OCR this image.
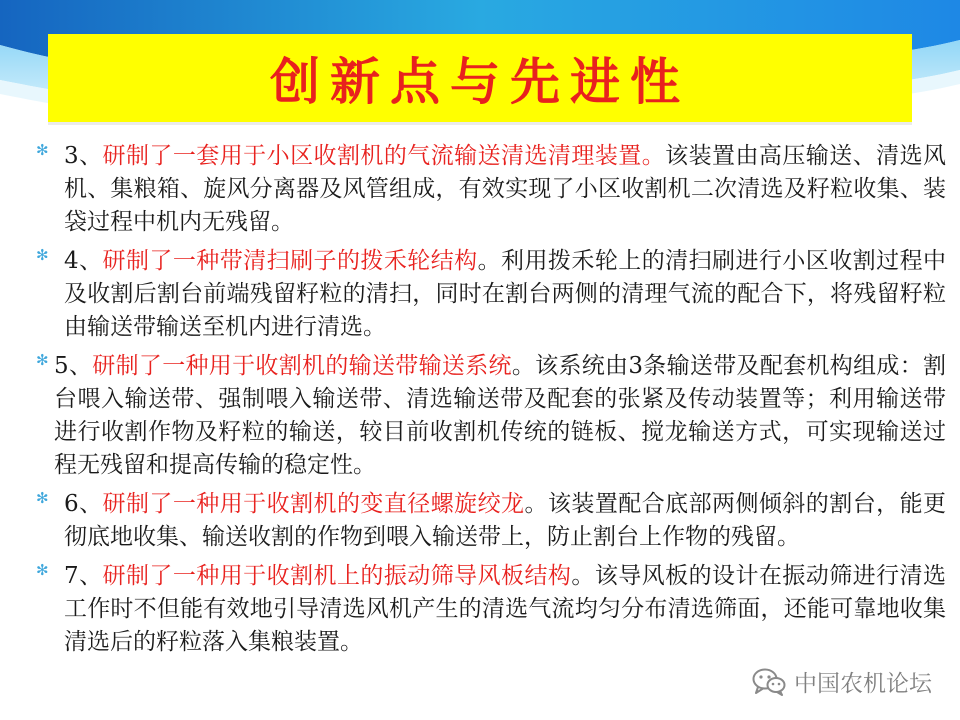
创新点与先进性
✻ 3、研制了一套用于小区收割机的气流输送清选清理装置。该装置由高压输送、清选风机、集粮箱、旋风分离器及风管组成，有效实现了小区收割机二次清选及籽粒收集、装袋过程中机内无残留。

✻ 4、研制了一种带清扫刷子的拨禾轮结构。利用拨禾轮上的清扫刷进行小区收割过程中及收割后割台前端残留籽粒的清扫，同时在割台两侧的清理气流的配合下，将残留籽粒由输送带输送至机内进行清选。

✻ 5、研制了一种用于收割机的输送带输送系统。该系统由3条输送带及配套机构组成：割台喂入输送带、强制喂入输送带、清选输送带及配套的张紧及传动装置等；利用输送带进行收割作物及籽粒的输送，较目前收割机传统的链板、搅龙输送方式，可实现输送过程无残留和提高传输的稳定性。

✻ 6、研制了一种用于收割机的变直径螺旋绞龙。该装置配合底部两侧倾斜的割台，能更彻底地收集、输送收割的作物到喂入输送带上，防止割台上作物的残留。

✻ 7、研制了一种用于收割机上的振动筛导风板结构。该导风板的设计在振动筛进行清选工作时不但能有效地引导清选风机产生的清选气流均匀分布清选筛面，还能可靠地收集清选后的籽粒落入集粮装置。

中国农机论坛
